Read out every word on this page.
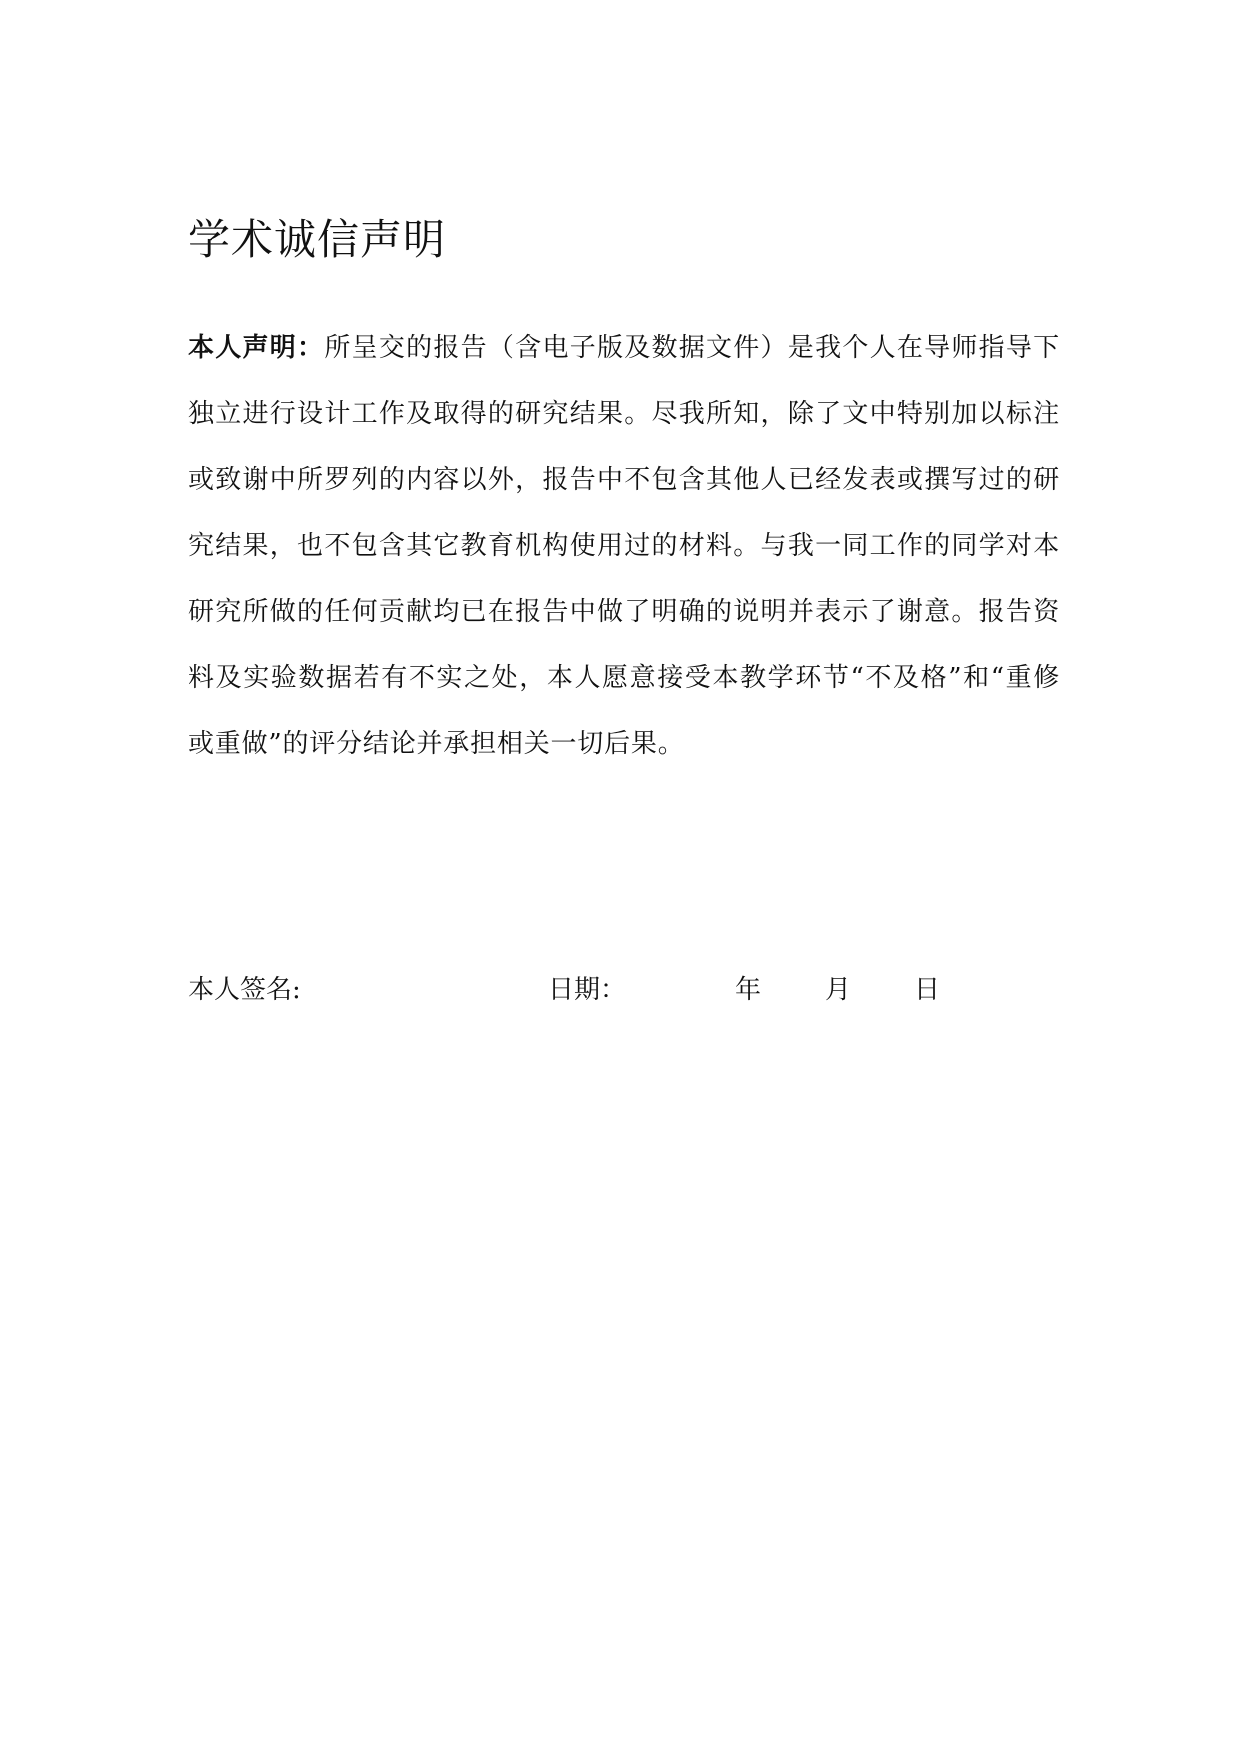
学术诚信声明

本人声明：所呈交的报告（含电子版及数据文件）是我个人在导师指导下独立进行设计工作及取得的研究结果。尽我所知，除了文中特别加以标注或致谢中所罗列的内容以外，报告中不包含其他人已经发表或撰写过的研究结果，也不包含其它教育机构使用过的材料。与我一同工作的同学对本研究所做的任何贡献均已在报告中做了明确的说明并表示了谢意。报告资料及实验数据若有不实之处，本人愿意接受本教学环节“不及格”和“重修或重做”的评分结论并承担相关一切后果。

本人签名:	日期：	年 月 日
